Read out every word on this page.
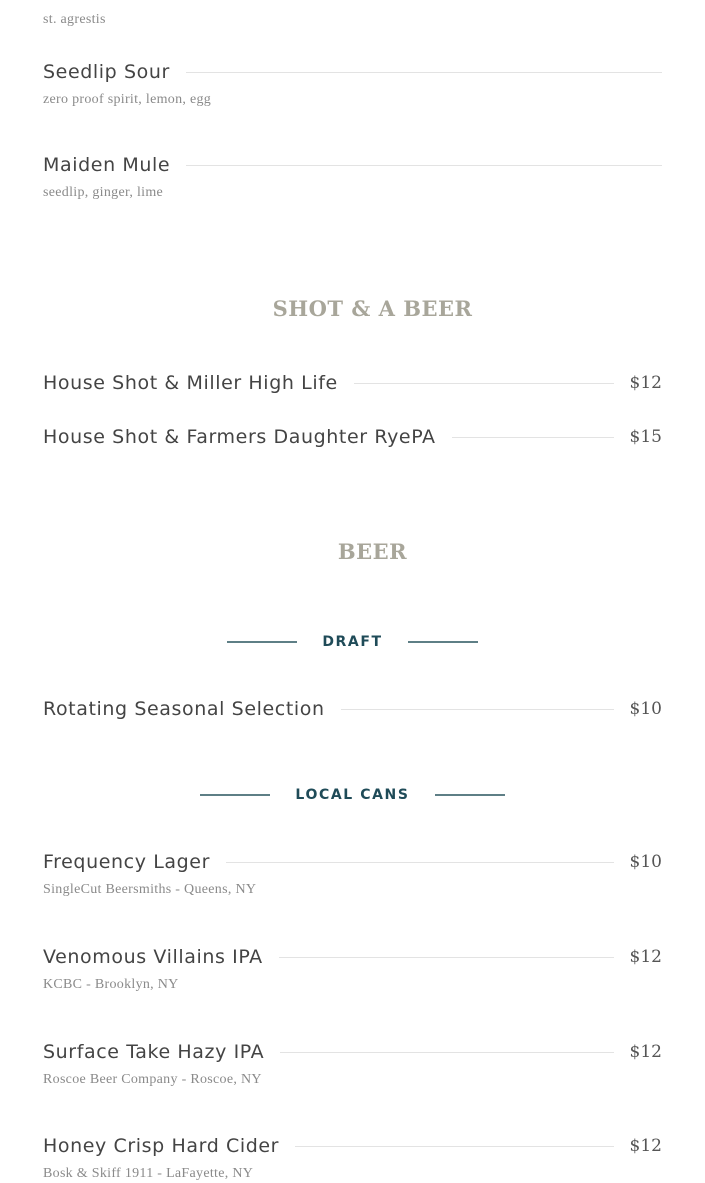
st. agrestis
Seedlip Sour
zero proof spirit, lemon, egg
Maiden Mule
seedlip, ginger, lime
SHOT & A BEER
House Shot & Miller High Life	$12
House Shot & Farmers Daughter RyePA	$15
BEER
DRAFT
Rotating Seasonal Selection	$10
LOCAL CANS
Frequency Lager	$10
SingleCut Beersmiths - Queens, NY
Venomous Villains IPA	$12
KCBC - Brooklyn, NY
Surface Take Hazy IPA	$12
Roscoe Beer Company - Roscoe, NY
Honey Crisp Hard Cider	$12
Bosk & Skiff 1911 - LaFayette, NY
